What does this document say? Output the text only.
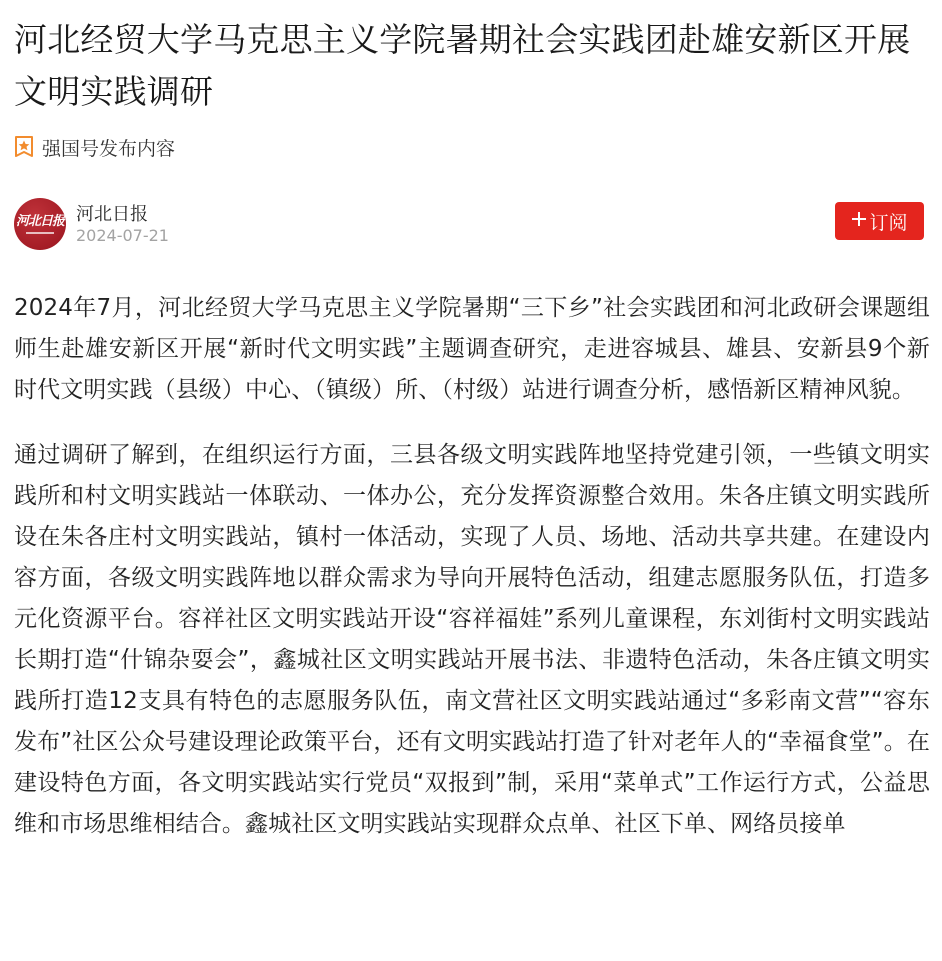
河北经贸大学马克思主义学院暑期社会实践团赴雄安新区开展文明实践调研
强国号发布内容
河北日报 河北日报
2024-07-21
订阅

2024年7月，河北经贸大学马克思主义学院暑期“三下乡”社会实践团和河北政研会课题组师生赴雄安新区开展“新时代文明实践”主题调查研究，走进容城县、雄县、安新县9个新时代文明实践（县级）中心、（镇级）所、（村级）站进行调查分析，感悟新区精神风貌。

通过调研了解到，在组织运行方面，三县各级文明实践阵地坚持党建引领，一些镇文明实践所和村文明实践站一体联动、一体办公，充分发挥资源整合效用。朱各庄镇文明实践所设在朱各庄村文明实践站，镇村一体活动，实现了人员、场地、活动共享共建。在建设内容方面，各级文明实践阵地以群众需求为导向开展特色活动，组建志愿服务队伍，打造多元化资源平台。容祥社区文明实践站开设“容祥福娃”系列儿童课程，东刘街村文明实践站长期打造“什锦杂耍会”，鑫城社区文明实践站开展书法、非遗特色活动，朱各庄镇文明实践所打造12支具有特色的志愿服务队伍，南文营社区文明实践站通过“多彩南文营”“容东发布”社区公众号建设理论政策平台，还有文明实践站打造了针对老年人的“幸福食堂”。在建设特色方面，各文明实践站实行党员“双报到”制，采用“菜单式”工作运行方式，公益思维和市场思维相结合。鑫城社区文明实践站实现群众点单、社区下单、网络员接单
